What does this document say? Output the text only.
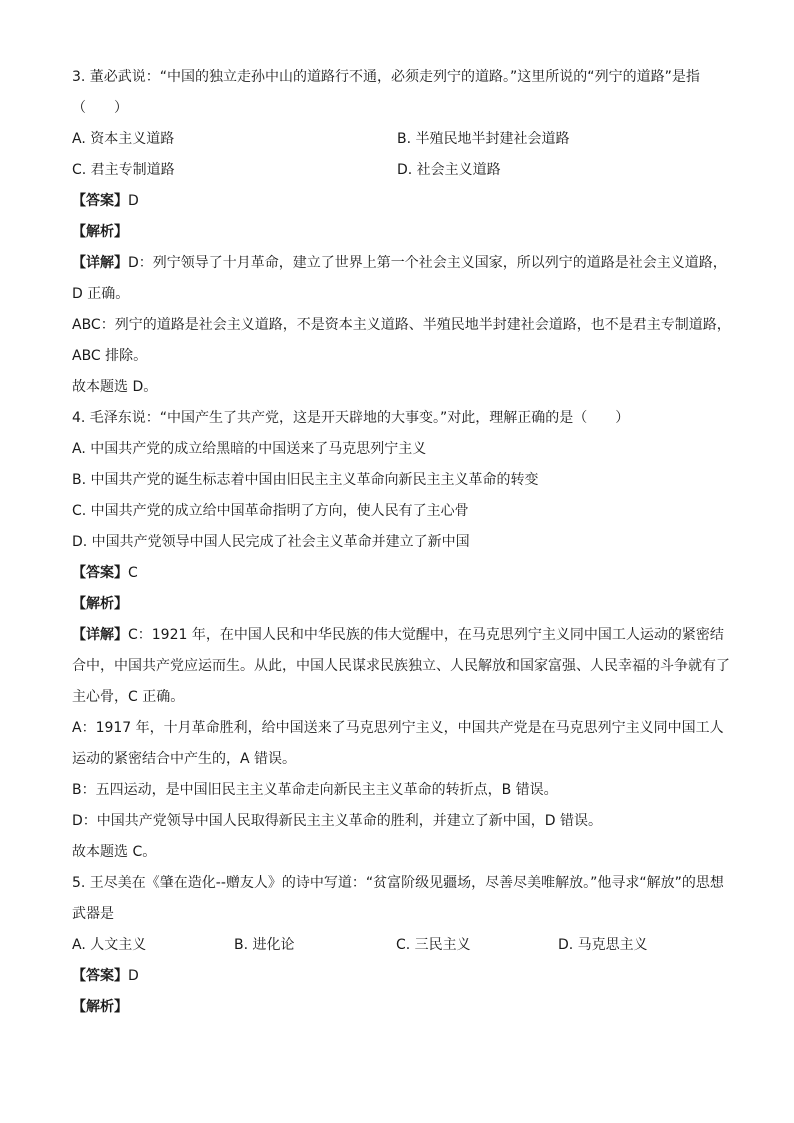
3. 董必武说：“中国的独立走孙中山的道路行不通，必须走列宁的道路。”这里所说的“列宁的道路”是指（　　）
A. 资本主义道路	B. 半殖民地半封建社会道路
C. 君主专制道路	D. 社会主义道路
【答案】D
【解析】
【详解】D：列宁领导了十月革命，建立了世界上第一个社会主义国家，所以列宁的道路是社会主义道路，D 正确。
ABC：列宁的道路是社会主义道路，不是资本主义道路、半殖民地半封建社会道路，也不是君主专制道路，ABC 排除。
故本题选 D。
4. 毛泽东说：“中国产生了共产党，这是开天辟地的大事变。”对此，理解正确的是（　　）
A. 中国共产党的成立给黑暗的中国送来了马克思列宁主义
B. 中国共产党的诞生标志着中国由旧民主主义革命向新民主主义革命的转变
C. 中国共产党的成立给中国革命指明了方向，使人民有了主心骨
D. 中国共产党领导中国人民完成了社会主义革命并建立了新中国
【答案】C
【解析】
【详解】C：1921 年，在中国人民和中华民族的伟大觉醒中，在马克思列宁主义同中国工人运动的紧密结合中，中国共产党应运而生。从此，中国人民谋求民族独立、人民解放和国家富强、人民幸福的斗争就有了主心骨，C 正确。
A：1917 年，十月革命胜利，给中国送来了马克思列宁主义，中国共产党是在马克思列宁主义同中国工人运动的紧密结合中产生的，A 错误。
B：五四运动，是中国旧民主主义革命走向新民主主义革命的转折点，B 错误。
D：中国共产党领导中国人民取得新民主主义革命的胜利，并建立了新中国，D 错误。
故本题选 C。
5. 王尽美在《肇在造化--赠友人》的诗中写道：“贫富阶级见疆场，尽善尽美唯解放。”他寻求“解放”的思想武器是
A. 人文主义	B. 进化论	C. 三民主义	D. 马克思主义
【答案】D
【解析】
